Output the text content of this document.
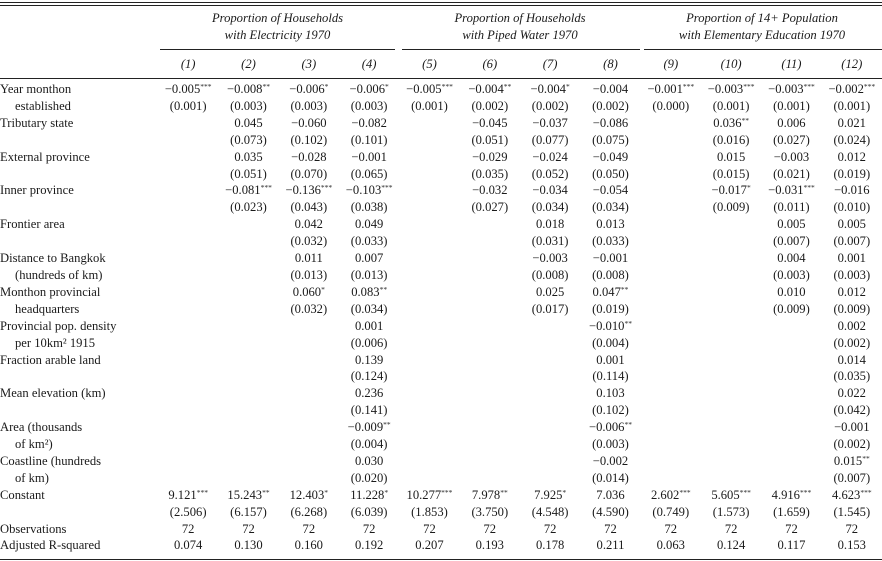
Proportion of Households
with Electricity 1970
Proportion of Households
with Piped Water 1970
Proportion of 14+ Population
with Elementary Education 1970
(1)	(2)	(3)	(4)	(5)	(6)	(7)	(8)	(9)	(10)	(11)	(12)
Year monthon	−0.005***	−0.008**	−0.006*	−0.006*	−0.005***	−0.004**	−0.004*	−0.004	−0.001***	−0.003***	−0.003***	−0.002***
established	(0.001)	(0.003)	(0.003)	(0.003)	(0.001)	(0.002)	(0.002)	(0.002)	(0.000)	(0.001)	(0.001)	(0.001)
Tributary state		0.045	−0.060	−0.082		−0.045	−0.037	−0.086		0.036**	0.006	0.021
		(0.073)	(0.102)	(0.101)		(0.051)	(0.077)	(0.075)		(0.016)	(0.027)	(0.024)
External province		0.035	−0.028	−0.001		−0.029	−0.024	−0.049		0.015	−0.003	0.012
		(0.051)	(0.070)	(0.065)		(0.035)	(0.052)	(0.050)		(0.015)	(0.021)	(0.019)
Inner province		−0.081***	−0.136***	−0.103***		−0.032	−0.034	−0.054		−0.017*	−0.031***	−0.016
		(0.023)	(0.043)	(0.038)		(0.027)	(0.034)	(0.034)		(0.009)	(0.011)	(0.010)
Frontier area			0.042	0.049			0.018	0.013			0.005	0.005
			(0.032)	(0.033)			(0.031)	(0.033)			(0.007)	(0.007)
Distance to Bangkok			0.011	0.007			−0.003	−0.001			0.004	0.001
(hundreds of km)			(0.013)	(0.013)			(0.008)	(0.008)			(0.003)	(0.003)
Monthon provincial			0.060*	0.083**			0.025	0.047**			0.010	0.012
headquarters			(0.032)	(0.034)			(0.017)	(0.019)			(0.009)	(0.009)
Provincial pop. density				0.001				−0.010**				0.002
per 10km² 1915				(0.006)				(0.004)				(0.002)
Fraction arable land				0.139				0.001				0.014
				(0.124)				(0.114)				(0.035)
Mean elevation (km)				0.236				0.103				0.022
				(0.141)				(0.102)				(0.042)
Area (thousands				−0.009**				−0.006**				−0.001
of km²)				(0.004)				(0.003)				(0.002)
Coastline (hundreds				0.030				−0.002				0.015**
of km)				(0.020)				(0.014)				(0.007)
Constant	9.121***	15.243**	12.403*	11.228*	10.277***	7.978**	7.925*	7.036	2.602***	5.605***	4.916***	4.623***
	(2.506)	(6.157)	(6.268)	(6.039)	(1.853)	(3.750)	(4.548)	(4.590)	(0.749)	(1.573)	(1.659)	(1.545)
Observations	72	72	72	72	72	72	72	72	72	72	72	72
Adjusted R-squared	0.074	0.130	0.160	0.192	0.207	0.193	0.178	0.211	0.063	0.124	0.117	0.153
